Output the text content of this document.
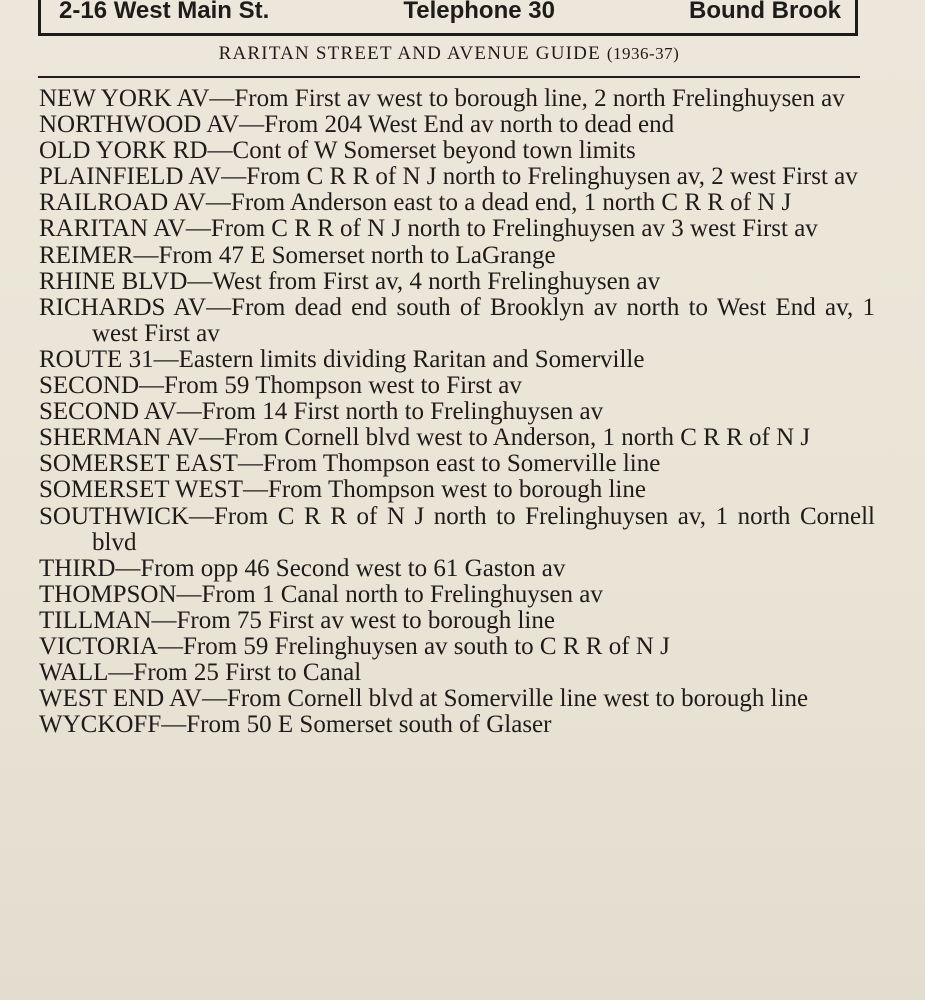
2-16 West Main St.	Telephone 30	Bound Brook
RARITAN STREET AND AVENUE GUIDE (1936-37)
NEW YORK AV—From First av west to borough line, 2 north Frelinghuysen av
NORTHWOOD AV—From 204 West End av north to dead end
OLD YORK RD—Cont of W Somerset beyond town limits
PLAINFIELD AV—From C R R of N J north to Frelinghuysen av, 2 west First av
RAILROAD AV—From Anderson east to a dead end, 1 north C R R of N J
RARITAN AV—From C R R of N J north to Frelinghuysen av 3 west First av
REIMER—From 47 E Somerset north to LaGrange
RHINE BLVD—West from First av, 4 north Frelinghuysen av
RICHARDS AV—From dead end south of Brooklyn av north to West End av, 1 west First av
ROUTE 31—Eastern limits dividing Raritan and Somerville
SECOND—From 59 Thompson west to First av
SECOND AV—From 14 First north to Frelinghuysen av
SHERMAN AV—From Cornell blvd west to Anderson, 1 north C R R of N J
SOMERSET EAST—From Thompson east to Somerville line
SOMERSET WEST—From Thompson west to borough line
SOUTHWICK—From C R R of N J north to Frelinghuysen av, 1 north Cornell blvd
THIRD—From opp 46 Second west to 61 Gaston av
THOMPSON—From 1 Canal north to Frelinghuysen av
TILLMAN—From 75 First av west to borough line
VICTORIA—From 59 Frelinghuysen av south to C R R of N J
WALL—From 25 First to Canal
WEST END AV—From Cornell blvd at Somerville line west to borough line
WYCKOFF—From 50 E Somerset south of Glaser
